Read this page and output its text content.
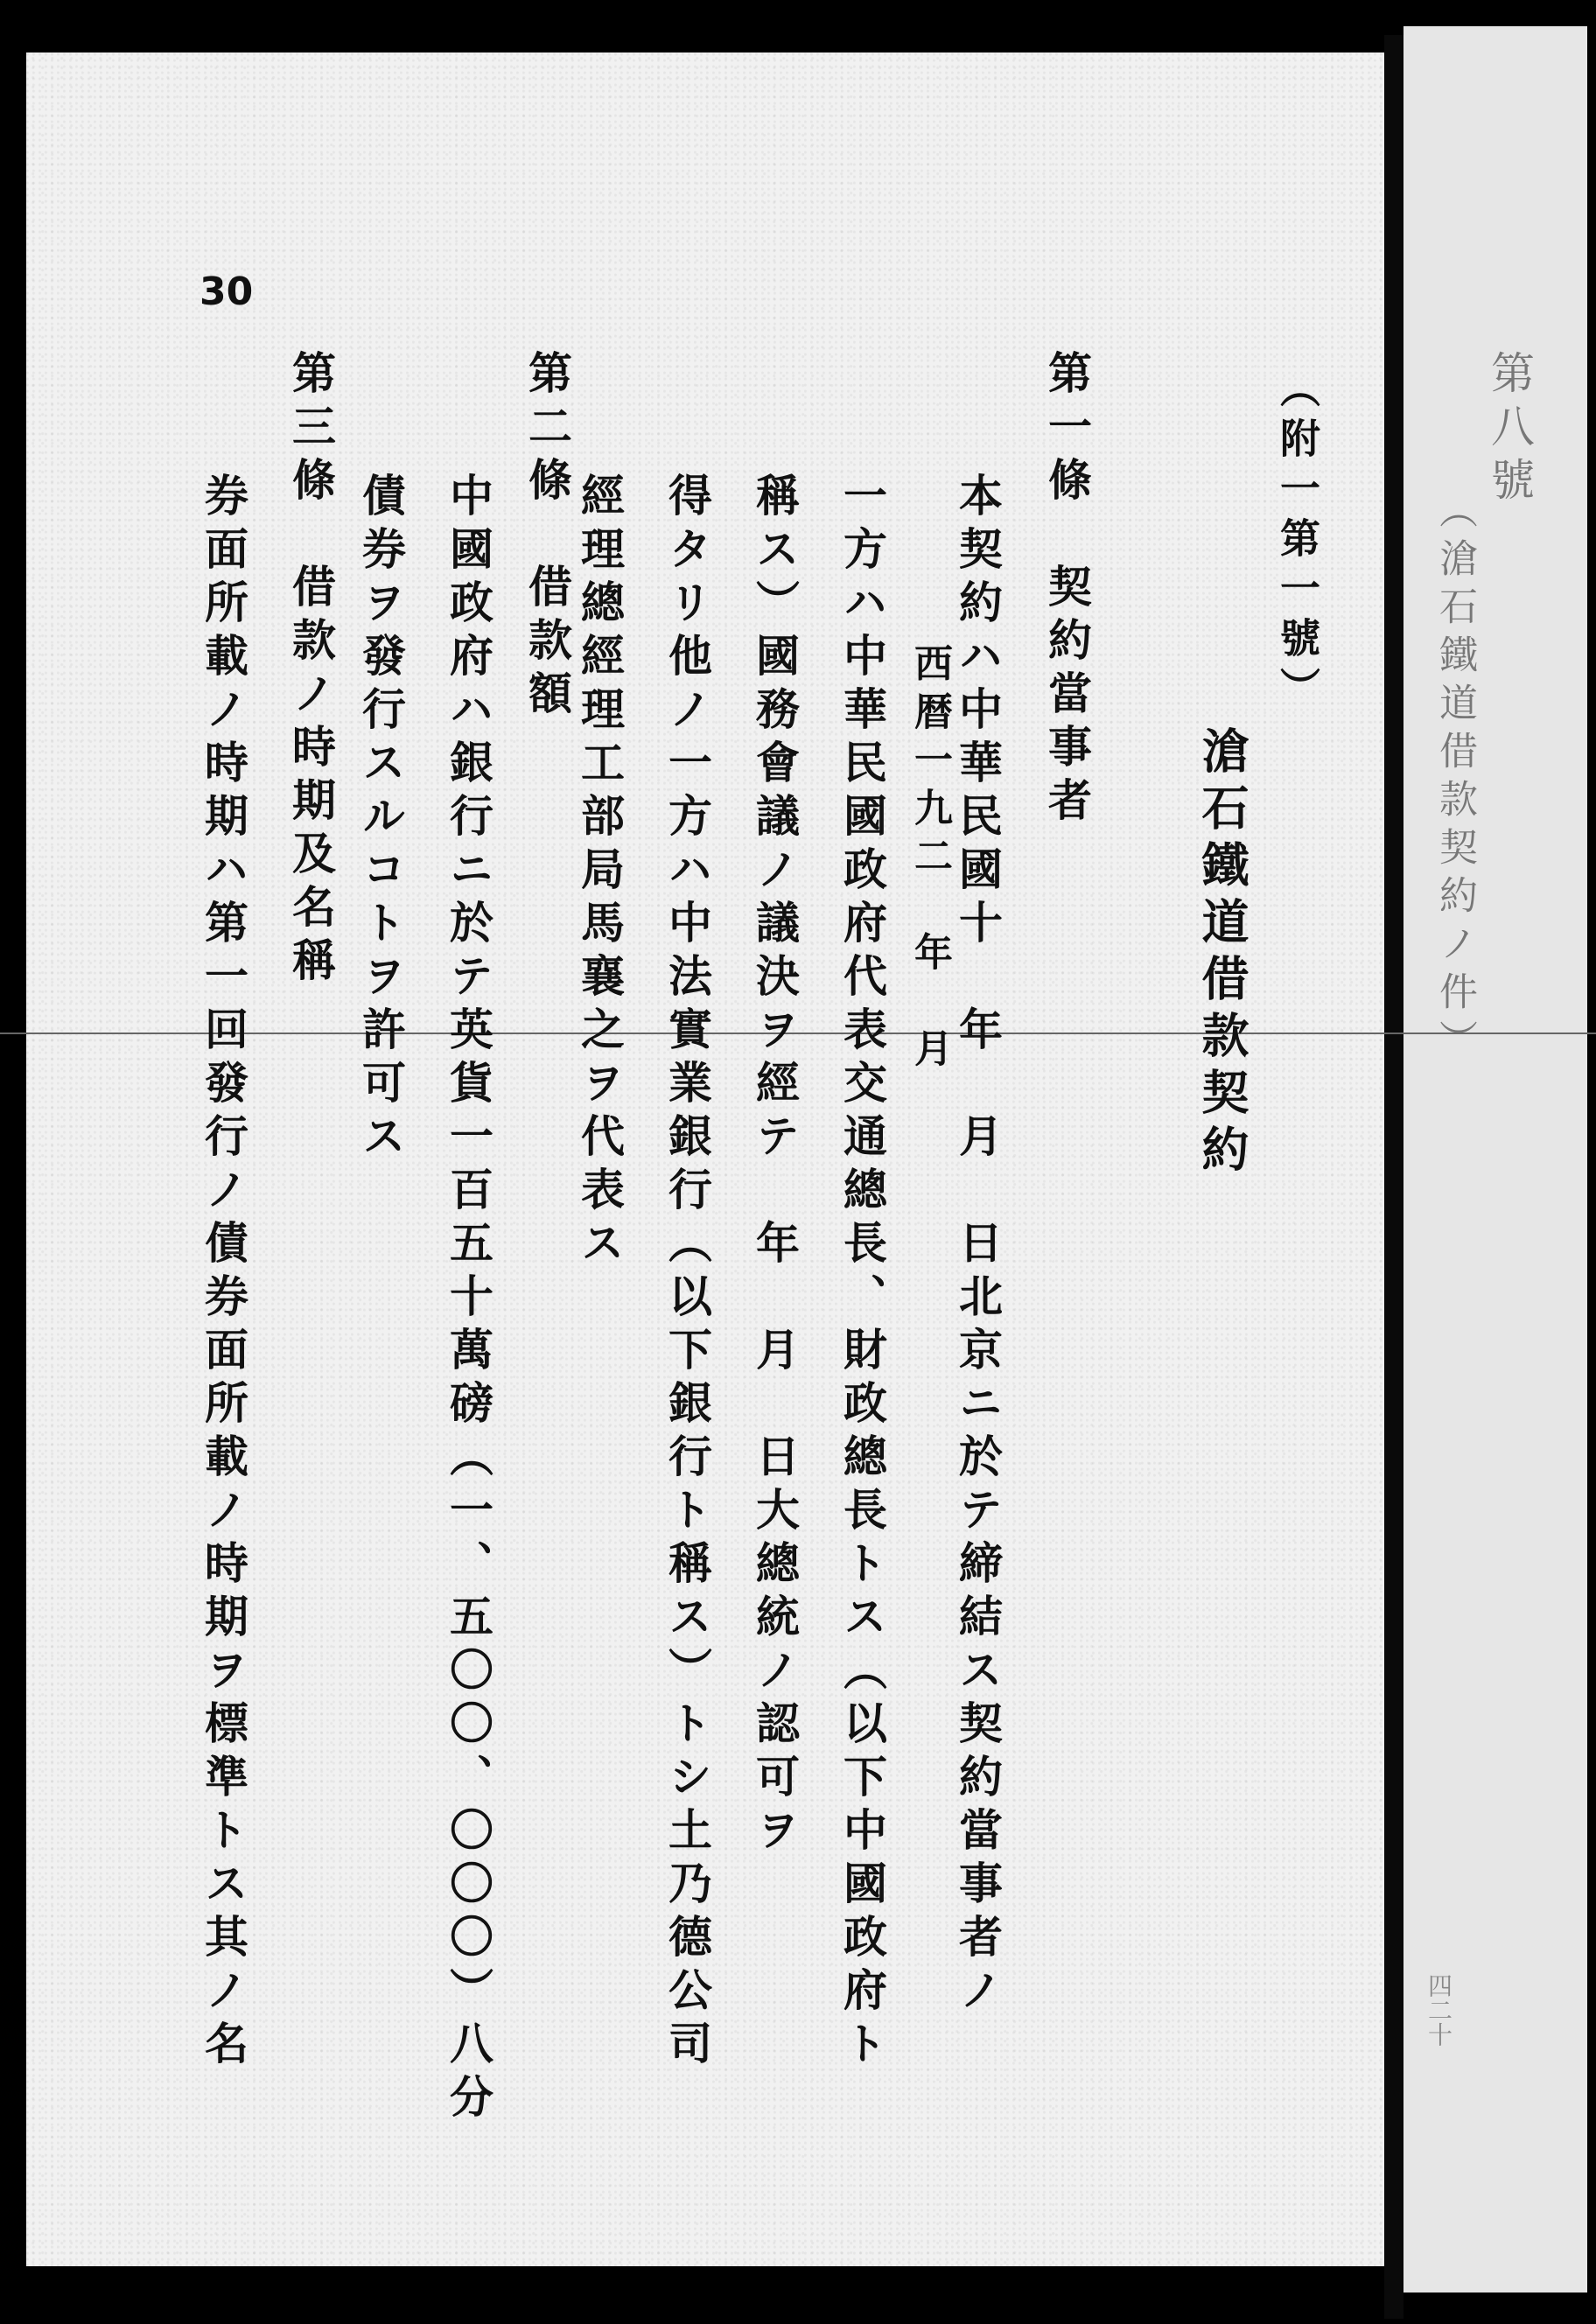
第八號
（滄石鐵道借款契約ノ件）
四二十
（附一第一號）
滄石鐵道借款契約
第一條　契約當事者
本契約ハ中華民國十　年　月　日北京ニ於テ締結ス契約當事者ノ
　西暦一九二　年　月
一方ハ中華民國政府代表交通總長、財政總長トス（以下中國政府ト
稱ス）國務會議ノ議決ヲ經テ　年　月　日大總統ノ認可ヲ
得タリ他ノ一方ハ中法實業銀行（以下銀行ト稱ス）トシ土乃德公司
經理總經理工部局馬襄之ヲ代表ス
第二條　借款額
中國政府ハ銀行ニ於テ英貨一百五十萬磅（一、五〇〇、〇〇〇）八分
債券ヲ發行スルコトヲ許可ス
第三條　借款ノ時期及名稱
券面所載ノ時期ハ第一回發行ノ債券面所載ノ時期ヲ標準トス其ノ名
30
